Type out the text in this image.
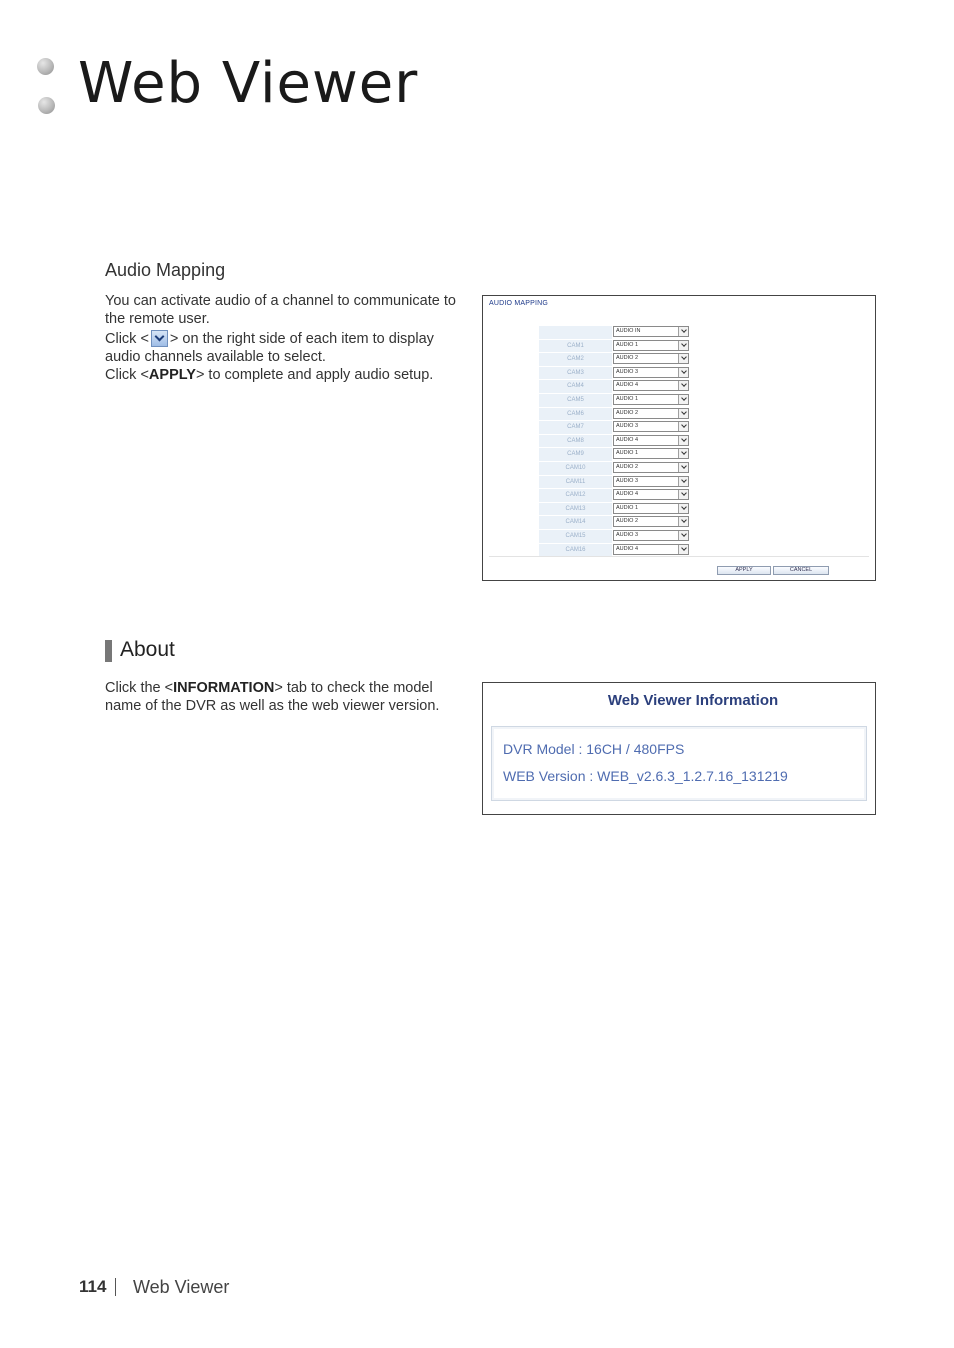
Web Viewer
Audio Mapping

You can activate audio of a channel to communicate to the remote user.

Click < > on the right side of each item to display audio channels available to select.

Click <APPLY> to complete and apply audio setup.

AUDIO MAPPING
AUDIO IN
CAM1	AUDIO 1
CAM2	AUDIO 2
CAM3	AUDIO 3
CAM4	AUDIO 4
CAM5	AUDIO 1
CAM6	AUDIO 2
CAM7	AUDIO 3
CAM8	AUDIO 4
CAM9	AUDIO 1
CAM10	AUDIO 2
CAM11	AUDIO 3
CAM12	AUDIO 4
CAM13	AUDIO 1
CAM14	AUDIO 2
CAM15	AUDIO 3
CAM16	AUDIO 4
APPLY	CANCEL
About

Click the <INFORMATION> tab to check the model name of the DVR as well as the web viewer version.	Web Viewer Information
DVR Model : 16CH / 480FPS
WEB Version : WEB_v2.6.3_1.2.7.16_131219
114 Web Viewer
